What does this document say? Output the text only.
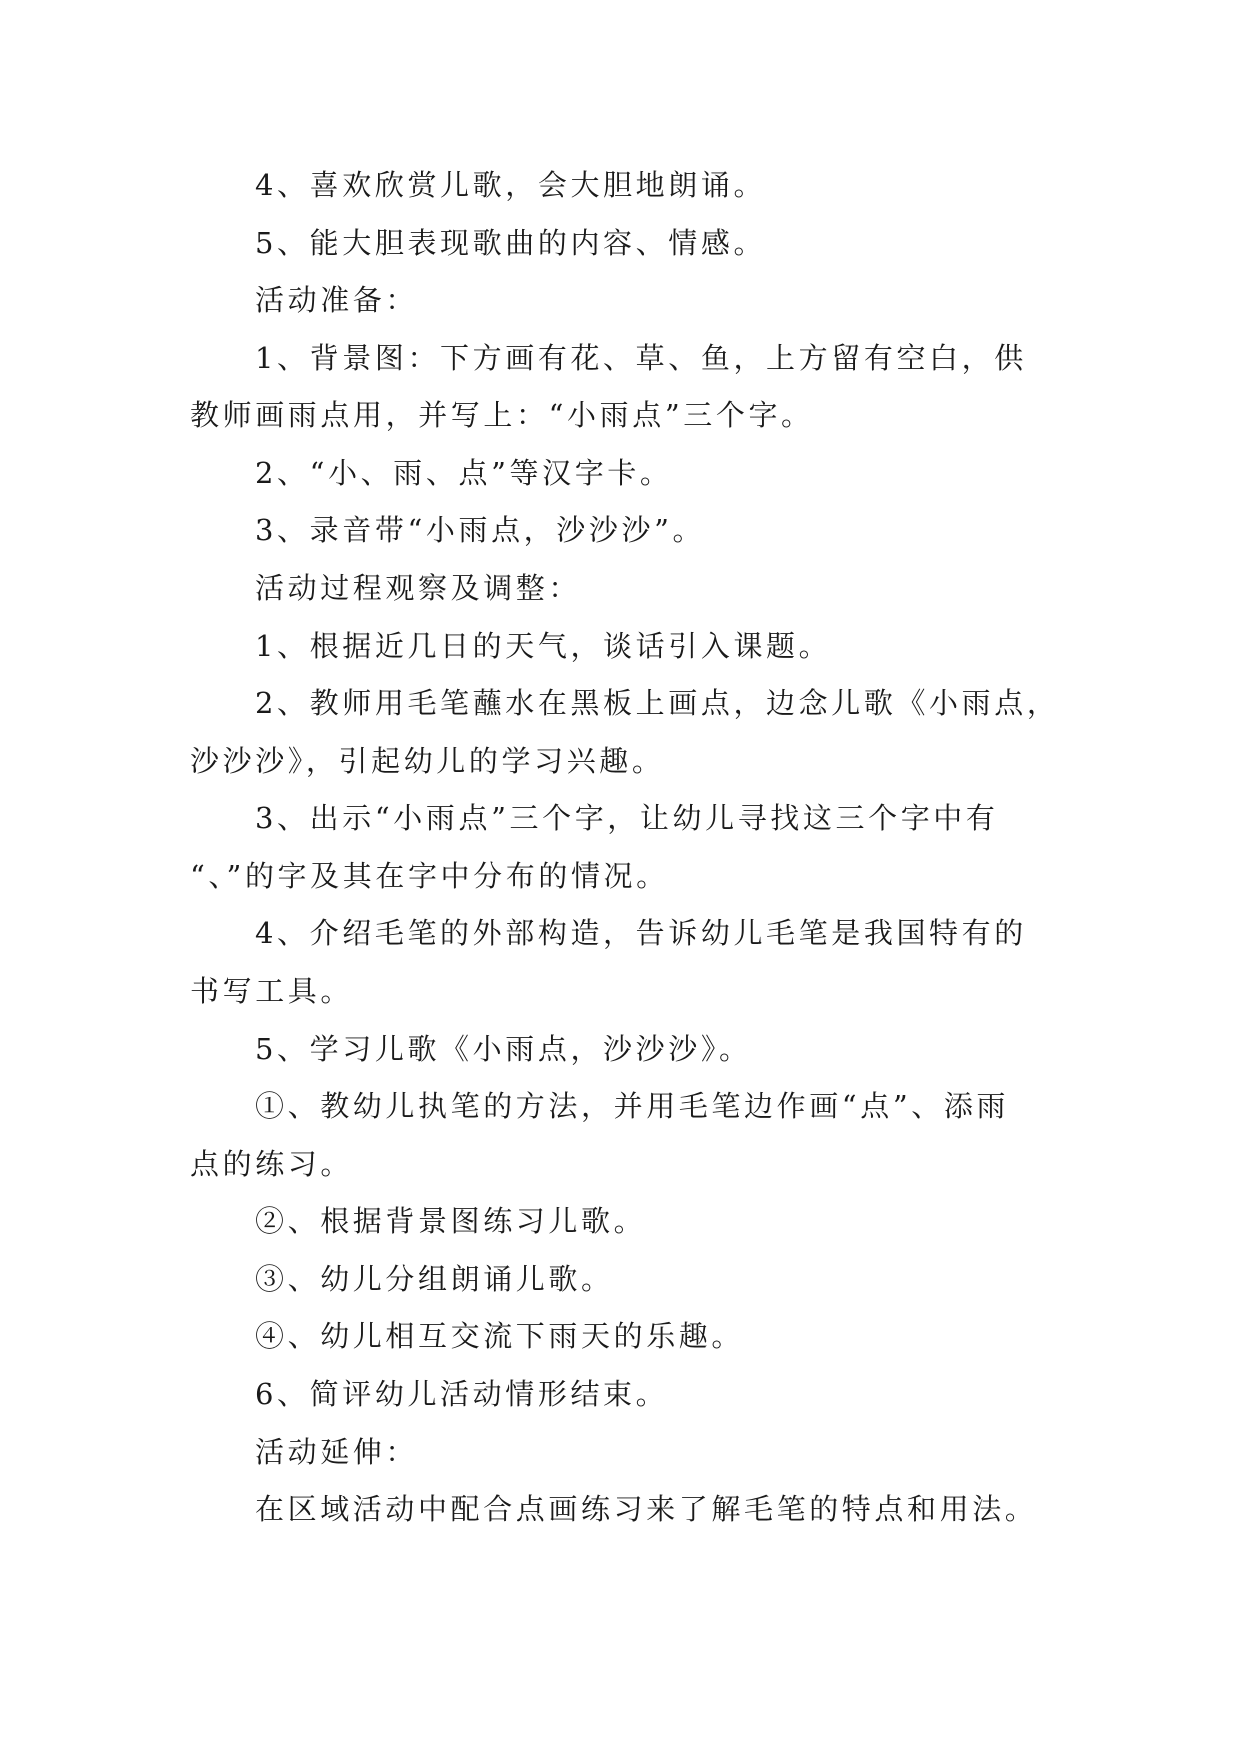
4、喜欢欣赏儿歌，会大胆地朗诵。
5、能大胆表现歌曲的内容、情感。
活动准备：
1、背景图：下方画有花、草、鱼，上方留有空白，供
教师画雨点用，并写上：“小雨点”三个字。
2、“小、雨、点”等汉字卡。
3、录音带“小雨点，沙沙沙”。
活动过程观察及调整：
1、根据近几日的天气，谈话引入课题。
2、教师用毛笔蘸水在黑板上画点，边念儿歌《小雨点，
沙沙沙》，引起幼儿的学习兴趣。
3、出示“小雨点”三个字，让幼儿寻找这三个字中有
“、”的字及其在字中分布的情况。
4、介绍毛笔的外部构造，告诉幼儿毛笔是我国特有的
书写工具。
5、学习儿歌《小雨点，沙沙沙》。
①、教幼儿执笔的方法，并用毛笔边作画“点”、添雨
点的练习。
②、根据背景图练习儿歌。
③、幼儿分组朗诵儿歌。
④、幼儿相互交流下雨天的乐趣。
6、简评幼儿活动情形结束。
活动延伸：
在区域活动中配合点画练习来了解毛笔的特点和用法。
